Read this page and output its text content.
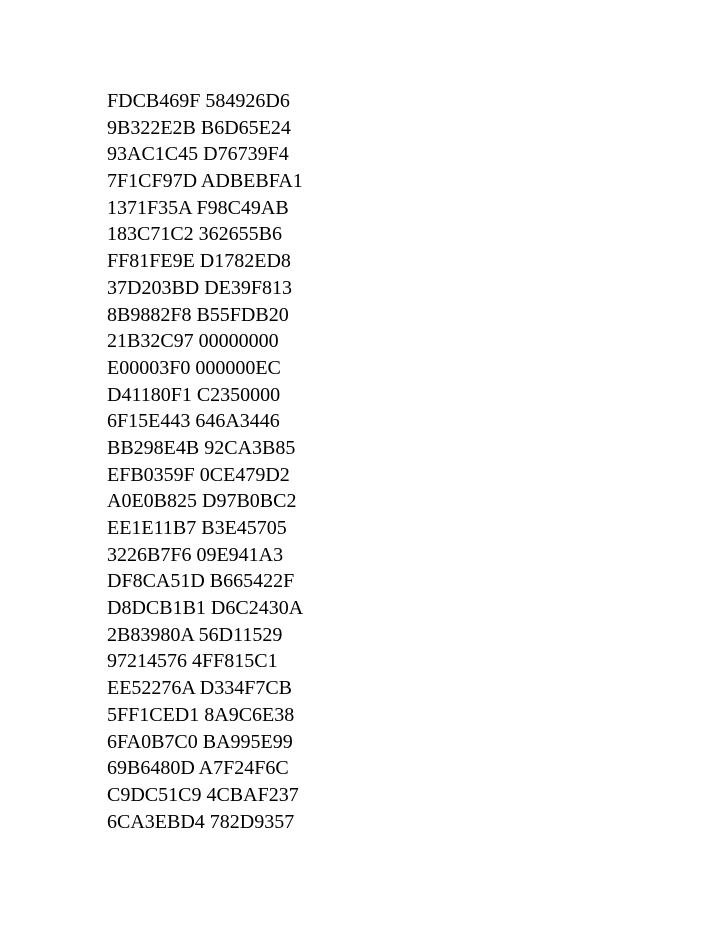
FDCB469F 584926D6
9B322E2B B6D65E24
93AC1C45 D76739F4
7F1CF97D ADBEBFA1
1371F35A F98C49AB
183C71C2 362655B6
FF81FE9E D1782ED8
37D203BD DE39F813
8B9882F8 B55FDB20
21B32C97 00000000
E00003F0 000000EC
D41180F1 C2350000
6F15E443 646A3446
BB298E4B 92CA3B85
EFB0359F 0CE479D2
A0E0B825 D97B0BC2
EE1E11B7 B3E45705
3226B7F6 09E941A3
DF8CA51D B665422F
D8DCB1B1 D6C2430A
2B83980A 56D11529
97214576 4FF815C1
EE52276A D334F7CB
5FF1CED1 8A9C6E38
6FA0B7C0 BA995E99
69B6480D A7F24F6C
C9DC51C9 4CBAF237
6CA3EBD4 782D9357
